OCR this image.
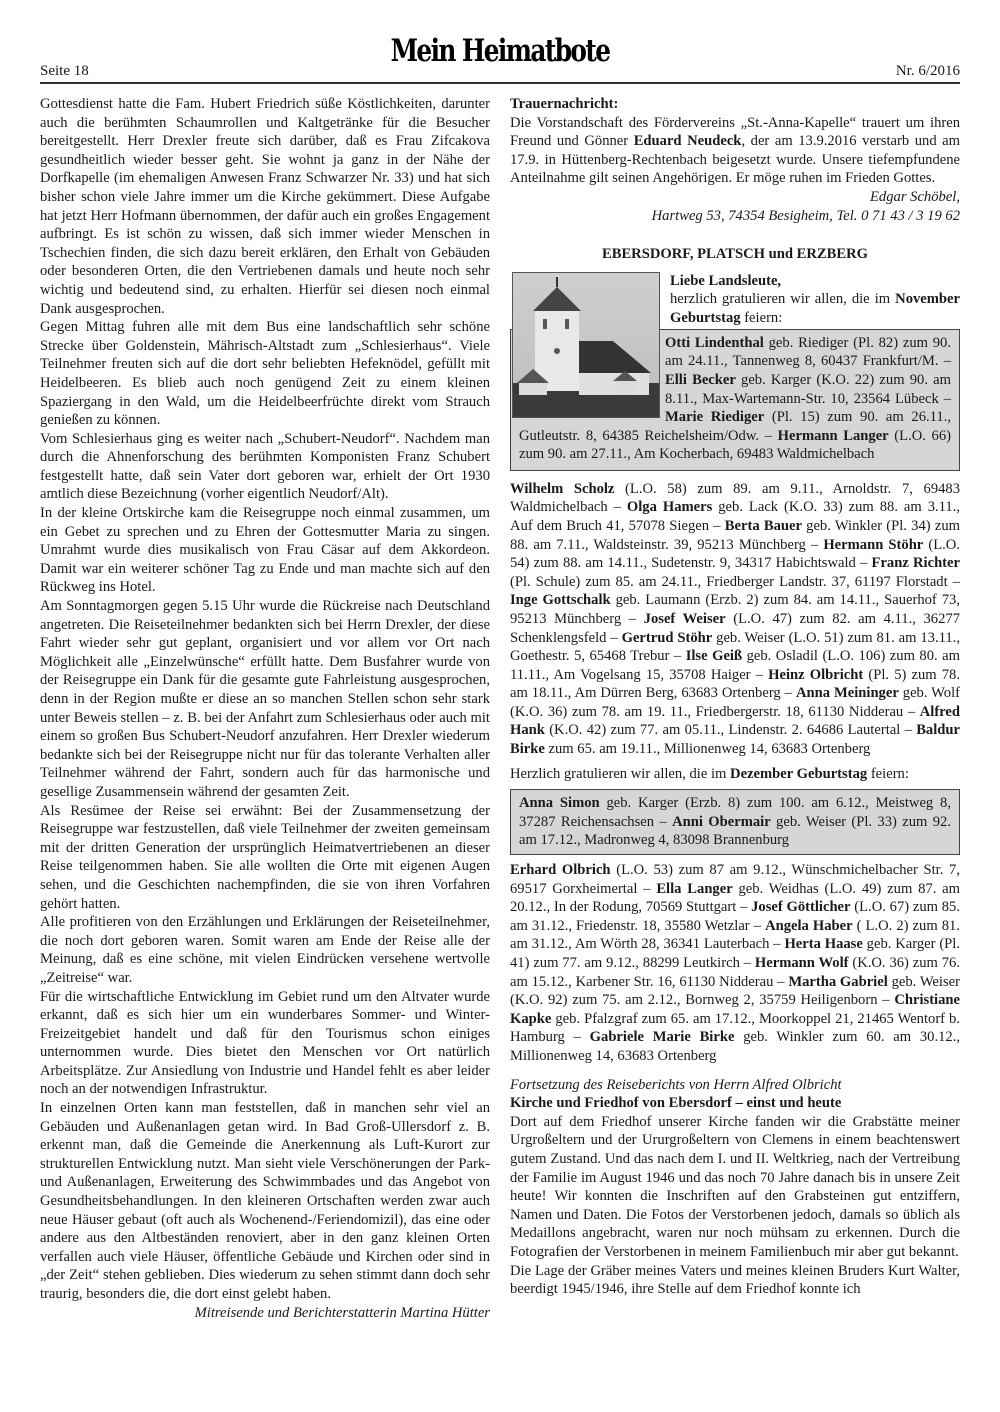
Seite 18
Mein Heimatbote
Nr. 6/2016

Gottesdienst hatte die Fam. Hubert Friedrich süße Köstlichkeiten, darunter auch die berühmten Schaumrollen und Kaltgetränke für die Besucher bereitgestellt. Herr Drexler freute sich darüber, daß es Frau Zifcakova gesundheitlich wieder besser geht. Sie wohnt ja ganz in der Nähe der Dorfkapelle (im ehemaligen Anwesen Franz Schwarzer Nr. 33) und hat sich bisher schon viele Jahre immer um die Kirche gekümmert. Diese Aufgabe hat jetzt Herr Hofmann übernommen, der dafür auch ein großes Engagement aufbringt. Es ist schön zu wissen, daß sich immer wieder Menschen in Tschechien finden, die sich dazu bereit erklären, den Erhalt von Gebäuden oder besonderen Orten, die den Vertriebenen damals und heute noch sehr wichtig und bedeutend sind, zu erhalten. Hierfür sei diesen noch einmal Dank ausgesprochen.

Gegen Mittag fuhren alle mit dem Bus eine landschaftlich sehr schöne Strecke über Goldenstein, Mährisch-Altstadt zum „Schlesierhaus“. Viele Teilnehmer freuten sich auf die dort sehr beliebten Hefeknödel, gefüllt mit Heidelbeeren. Es blieb auch noch genügend Zeit zu einem kleinen Spaziergang in den Wald, um die Heidelbeerfrüchte direkt vom Strauch genießen zu können.

Vom Schlesierhaus ging es weiter nach „Schubert-Neudorf“. Nachdem man durch die Ahnenforschung des berühmten Komponisten Franz Schubert festgestellt hatte, daß sein Vater dort geboren war, erhielt der Ort 1930 amtlich diese Bezeichnung (vorher eigentlich Neudorf/Alt).

In der kleine Ortskirche kam die Reisegruppe noch einmal zusammen, um ein Gebet zu sprechen und zu Ehren der Gottesmutter Maria zu singen. Umrahmt wurde dies musikalisch von Frau Cäsar auf dem Akkordeon. Damit war ein weiterer schöner Tag zu Ende und man machte sich auf den Rückweg ins Hotel.

Am Sonntagmorgen gegen 5.15 Uhr wurde die Rückreise nach Deutschland angetreten. Die Reiseteilnehmer bedankten sich bei Herrn Drexler, der diese Fahrt wieder sehr gut geplant, organisiert und vor allem vor Ort nach Möglichkeit alle „Einzelwünsche“ erfüllt hatte. Dem Busfahrer wurde von der Reisegruppe ein Dank für die gesamte gute Fahrleistung ausgesprochen, denn in der Region mußte er diese an so manchen Stellen schon sehr stark unter Beweis stellen – z. B. bei der Anfahrt zum Schlesierhaus oder auch mit einem so großen Bus Schubert-Neudorf anzufahren. Herr Drexler wiederum bedankte sich bei der Reisegruppe nicht nur für das tolerante Verhalten aller Teilnehmer während der Fahrt, sondern auch für das harmonische und gesellige Zusammensein während der gesamten Zeit.

Als Resümee der Reise sei erwähnt: Bei der Zusammensetzung der Reisegruppe war festzustellen, daß viele Teilnehmer der zweiten gemeinsam mit der dritten Generation der ursprünglich Heimatvertriebenen an dieser Reise teilgenommen haben. Sie alle wollten die Orte mit eigenen Augen sehen, und die Geschichten nachempfinden, die sie von ihren Vorfahren gehört hatten.

Alle profitieren von den Erzählungen und Erklärungen der Reiseteilnehmer, die noch dort geboren waren. Somit waren am Ende der Reise alle der Meinung, daß es eine schöne, mit vielen Eindrücken versehene wertvolle „Zeitreise“ war.

Für die wirtschaftliche Entwicklung im Gebiet rund um den Altvater wurde erkannt, daß es sich hier um ein wunderbares Sommer- und Winter-Freizeitgebiet handelt und daß für den Tourismus schon einiges unternommen wurde. Dies bietet den Menschen vor Ort natürlich Arbeitsplätze. Zur Ansiedlung von Industrie und Handel fehlt es aber leider noch an der notwendigen Infrastruktur.

In einzelnen Orten kann man feststellen, daß in manchen sehr viel an Gebäuden und Außenanlagen getan wird. In Bad Groß-Ullersdorf z. B. erkennt man, daß die Gemeinde die Anerkennung als Luft-Kurort zur strukturellen Entwicklung nutzt. Man sieht viele Verschönerungen der Park- und Außenanlagen, Erweiterung des Schwimmbades und das Angebot von Gesundheitsbehandlungen. In den kleineren Ortschaften werden zwar auch neue Häuser gebaut (oft auch als Wochenend-/Feriendomizil), das eine oder andere aus den Altbeständen renoviert, aber in den ganz kleinen Orten verfallen auch viele Häuser, öffentliche Gebäude und Kirchen oder sind in „der Zeit“ stehen geblieben. Dies wiederum zu sehen stimmt dann doch sehr traurig, besonders die, die dort einst gelebt haben.

Mitreisende und Berichterstatterin Martina Hütter

Trauernachricht:

Die Vorstandschaft des Fördervereins „St.-Anna-Kapelle“ trauert um ihren Freund und Gönner Eduard Neudeck, der am 13.9.2016 verstarb und am 17.9. in Hüttenberg-Rechtenbach beigesetzt wurde. Unsere tiefempfundene Anteilnahme gilt seinen Angehörigen. Er möge ruhen im Frieden Gottes.

Edgar Schöbel,

Hartweg 53, 74354 Besigheim, Tel. 0 71 43 / 3 19 62

EBERSDORF, PLATSCH und ERZBERG

Liebe Landsleute,

herzlich gratulieren wir allen, die im November Geburtstag feiern:

Otti Lindenthal geb. Riediger (Pl. 82) zum 90. am 24.11., Tannenweg 8, 60437 Frankfurt/M. – Elli Becker geb. Karger (K.O. 22) zum 90. am 8.11., Max-Wartemann-Str. 10, 23564 Lübeck – Marie Riediger (Pl. 15) zum 90. am 26.11., Gutleutstr. 8, 64385 Reichelsheim/Odw. – Hermann Langer (L.O. 66) zum 90. am 27.11., Am Kocherbach, 69483 Waldmichelbach

Wilhelm Scholz (L.O. 58) zum 89. am 9.11., Arnoldstr. 7, 69483 Waldmichelbach – Olga Hamers geb. Lack (K.O. 33) zum 88. am 3.11., Auf dem Bruch 41, 57078 Siegen – Berta Bauer geb. Winkler (Pl. 34) zum 88. am 7.11., Waldsteinstr. 39, 95213 Münchberg – Hermann Stöhr (L.O. 54) zum 88. am 14.11., Sudetenstr. 9, 34317 Habichtswald – Franz Richter (Pl. Schule) zum 85. am 24.11., Friedberger Landstr. 37, 61197 Florstadt – Inge Gottschalk geb. Laumann (Erzb. 2) zum 84. am 14.11., Sauerhof 73, 95213 Münchberg – Josef Weiser (L.O. 47) zum 82. am 4.11., 36277 Schenklengsfeld – Gertrud Stöhr geb. Weiser (L.O. 51) zum 81. am 13.11., Goethestr. 5, 65468 Trebur – Ilse Geiß geb. Osladil (L.O. 106) zum 80. am 11.11., Am Vogelsang 15, 35708 Haiger – Heinz Olbricht (Pl. 5) zum 78. am 18.11., Am Dürren Berg, 63683 Ortenberg – Anna Meininger geb. Wolf (K.O. 36) zum 78. am 19. 11., Friedbergerstr. 18, 61130 Nidderau – Alfred Hank (K.O. 42) zum 77. am 05.11., Lindenstr. 2. 64686 Lautertal – Baldur Birke zum 65. am 19.11., Millionenweg 14, 63683 Ortenberg

Herzlich gratulieren wir allen, die im Dezember Geburtstag feiern:

Anna Simon geb. Karger (Erzb. 8) zum 100. am 6.12., Meistweg 8, 37287 Reichensachsen – Anni Obermair geb. Weiser (Pl. 33) zum 92. am 17.12., Madronweg 4, 83098 Brannenburg

Erhard Olbrich (L.O. 53) zum 87 am 9.12., Wünschmichelbacher Str. 7, 69517 Gorxheimertal – Ella Langer geb. Weidhas (L.O. 49) zum 87. am 20.12., In der Rodung, 70569 Stuttgart – Josef Göttlicher (L.O. 67) zum 85. am 31.12., Friedenstr. 18, 35580 Wetzlar – Angela Haber ( L.O. 2) zum 81. am 31.12., Am Wörth 28, 36341 Lauterbach – Herta Haase geb. Karger (Pl. 41) zum 77. am 9.12., 88299 Leutkirch – Hermann Wolf (K.O. 36) zum 76. am 15.12., Karbener Str. 16, 61130 Nidderau – Martha Gabriel geb. Weiser (K.O. 92) zum 75. am 2.12., Bornweg 2, 35759 Heiligenborn – Christiane Kapke geb. Pfalzgraf zum 65. am 17.12., Moorkoppel 21, 21465 Wentorf b. Hamburg – Gabriele Marie Birke geb. Winkler zum 60. am 30.12., Millionenweg 14, 63683 Ortenberg

Fortsetzung des Reiseberichts von Herrn Alfred Olbricht

Kirche und Friedhof von Ebersdorf – einst und heute

Dort auf dem Friedhof unserer Kirche fanden wir die Grabstätte meiner Urgroßeltern und der Ururgroßeltern von Clemens in einem beachtenswert gutem Zustand. Und das nach dem I. und II. Weltkrieg, nach der Vertreibung der Familie im August 1946 und das noch 70 Jahre danach bis in unsere Zeit heute! Wir konnten die Inschriften auf den Grabsteinen gut entziffern, Namen und Daten. Die Fotos der Verstorbenen jedoch, damals so üblich als Medaillons angebracht, waren nur noch mühsam zu erkennen. Durch die Fotografien der Verstorbenen in meinem Familienbuch mir aber gut bekannt.

Die Lage der Gräber meines Vaters und meines kleinen Bruders Kurt Walter, beerdigt 1945/1946, ihre Stelle auf dem Friedhof konnte ich
